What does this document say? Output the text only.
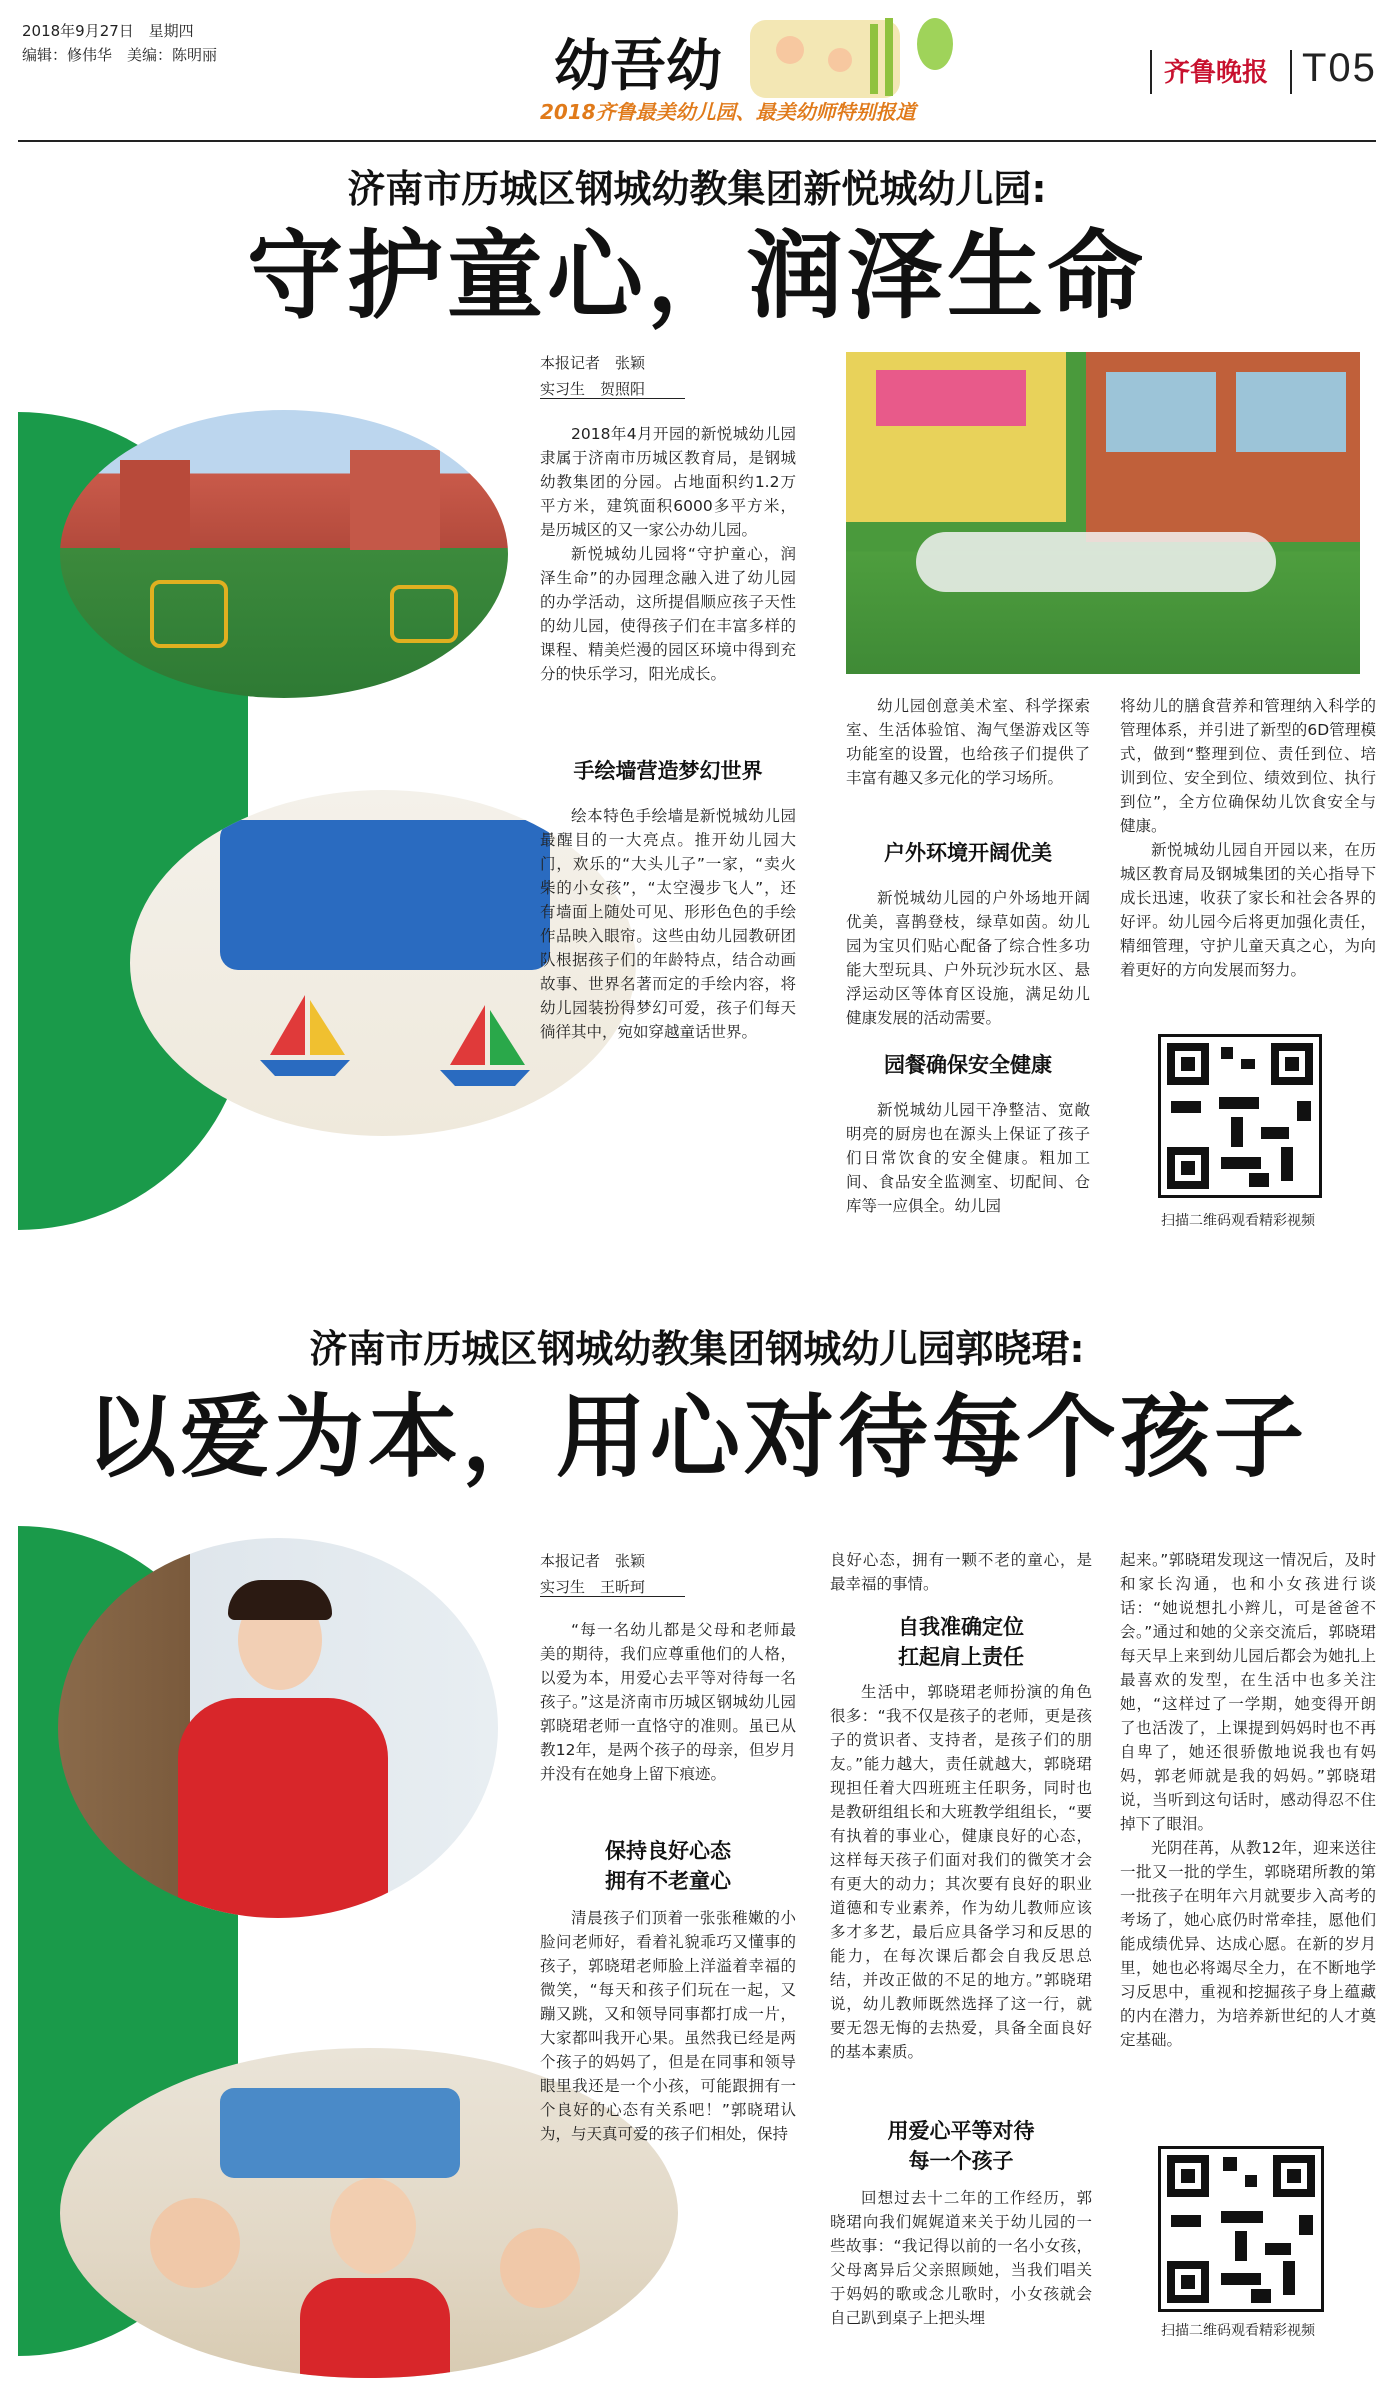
2018年9月27日 星期四
编辑：修伟华　美编：陈明丽	幼吾幼
2018齐鲁最美幼儿园、最美幼师特别报道
齐鲁晚报 T05
济南市历城区钢城幼教集团新悦城幼儿园:
守护童心，润泽生命
本报记者　张颖
实习生　贺照阳

2018年4月开园的新悦城幼儿园隶属于济南市历城区教育局，是钢城幼教集团的分园。占地面积约1.2万平方米，建筑面积6000多平方米，是历城区的又一家公办幼儿园。

新悦城幼儿园将“守护童心，润泽生命”的办园理念融入进了幼儿园的办学活动，这所提倡顺应孩子天性的幼儿园，使得孩子们在丰富多样的课程、精美烂漫的园区环境中得到充分的快乐学习，阳光成长。

手绘墙营造梦幻世界

绘本特色手绘墙是新悦城幼儿园最醒目的一大亮点。推开幼儿园大门，欢乐的“大头儿子”一家，“卖火柴的小女孩”，“太空漫步飞人”，还有墙面上随处可见、形形色色的手绘作品映入眼帘。这些由幼儿园教研团队根据孩子们的年龄特点，结合动画故事、世界名著而定的手绘内容，将幼儿园装扮得梦幻可爱，孩子们每天徜徉其中，宛如穿越童话世界。

幼儿园创意美术室、科学探索室、生活体验馆、淘气堡游戏区等功能室的设置，也给孩子们提供了丰富有趣又多元化的学习场所。

户外环境开阔优美

新悦城幼儿园的户外场地开阔优美，喜鹊登枝，绿草如茵。幼儿园为宝贝们贴心配备了综合性多功能大型玩具、户外玩沙玩水区、悬浮运动区等体育区设施，满足幼儿健康发展的活动需要。

园餐确保安全健康

新悦城幼儿园干净整洁、宽敞明亮的厨房也在源头上保证了孩子们日常饮食的安全健康。粗加工间、食品安全监测室、切配间、仓库等一应俱全。幼儿园

将幼儿的膳食营养和管理纳入科学的管理体系，并引进了新型的6D管理模式，做到“整理到位、责任到位、培训到位、安全到位、绩效到位、执行到位”，全方位确保幼儿饮食安全与健康。

新悦城幼儿园自开园以来，在历城区教育局及钢城集团的关心指导下成长迅速，收获了家长和社会各界的好评。幼儿园今后将更加强化责任，精细管理，守护儿童天真之心，为向着更好的方向发展而努力。

扫描二维码观看精彩视频
济南市历城区钢城幼教集团钢城幼儿园郭晓珺:
以爱为本，用心对待每个孩子
本报记者　张颖
实习生　王昕珂

“每一名幼儿都是父母和老师最美的期待，我们应尊重他们的人格，以爱为本，用爱心去平等对待每一名孩子。”这是济南市历城区钢城幼儿园郭晓珺老师一直恪守的准则。虽已从教12年，是两个孩子的母亲，但岁月并没有在她身上留下痕迹。

保持良好心态
拥有不老童心

清晨孩子们顶着一张张稚嫩的小脸问老师好，看着礼貌乖巧又懂事的孩子，郭晓珺老师脸上洋溢着幸福的微笑，“每天和孩子们玩在一起，又蹦又跳，又和领导同事都打成一片，大家都叫我开心果。虽然我已经是两个孩子的妈妈了，但是在同事和领导眼里我还是一个小孩，可能跟拥有一个良好的心态有关系吧！”郭晓珺认为，与天真可爱的孩子们相处，保持

良好心态，拥有一颗不老的童心，是最幸福的事情。

自我准确定位
扛起肩上责任

生活中，郭晓珺老师扮演的角色很多：“我不仅是孩子的老师，更是孩子的赏识者、支持者，是孩子们的朋友。”能力越大，责任就越大，郭晓珺现担任着大四班班主任职务，同时也是教研组组长和大班教学组组长，“要有执着的事业心，健康良好的心态，这样每天孩子们面对我们的微笑才会有更大的动力；其次要有良好的职业道德和专业素养，作为幼儿教师应该多才多艺，最后应具备学习和反思的能力，在每次课后都会自我反思总结，并改正做的不足的地方。”郭晓珺说，幼儿教师既然选择了这一行，就要无怨无悔的去热爱，具备全面良好的基本素质。

用爱心平等对待
每一个孩子

回想过去十二年的工作经历，郭晓珺向我们娓娓道来关于幼儿园的一些故事：“我记得以前的一名小女孩，父母离异后父亲照顾她，当我们唱关于妈妈的歌或念儿歌时，小女孩就会自己趴到桌子上把头埋

起来。”郭晓珺发现这一情况后，及时和家长沟通，也和小女孩进行谈话：“她说想扎小辫儿，可是爸爸不会。”通过和她的父亲交流后，郭晓珺每天早上来到幼儿园后都会为她扎上最喜欢的发型，在生活中也多关注她，“这样过了一学期，她变得开朗了也活泼了，上课提到妈妈时也不再自卑了，她还很骄傲地说我也有妈妈，郭老师就是我的妈妈。”郭晓珺说，当听到这句话时，感动得忍不住掉下了眼泪。

光阴荏苒，从教12年，迎来送往一批又一批的学生，郭晓珺所教的第一批孩子在明年六月就要步入高考的考场了，她心底仍时常牵挂，愿他们能成绩优异、达成心愿。在新的岁月里，她也必将竭尽全力，在不断地学习反思中，重视和挖掘孩子身上蕴藏的内在潜力，为培养新世纪的人才奠定基础。

扫描二维码观看精彩视频
